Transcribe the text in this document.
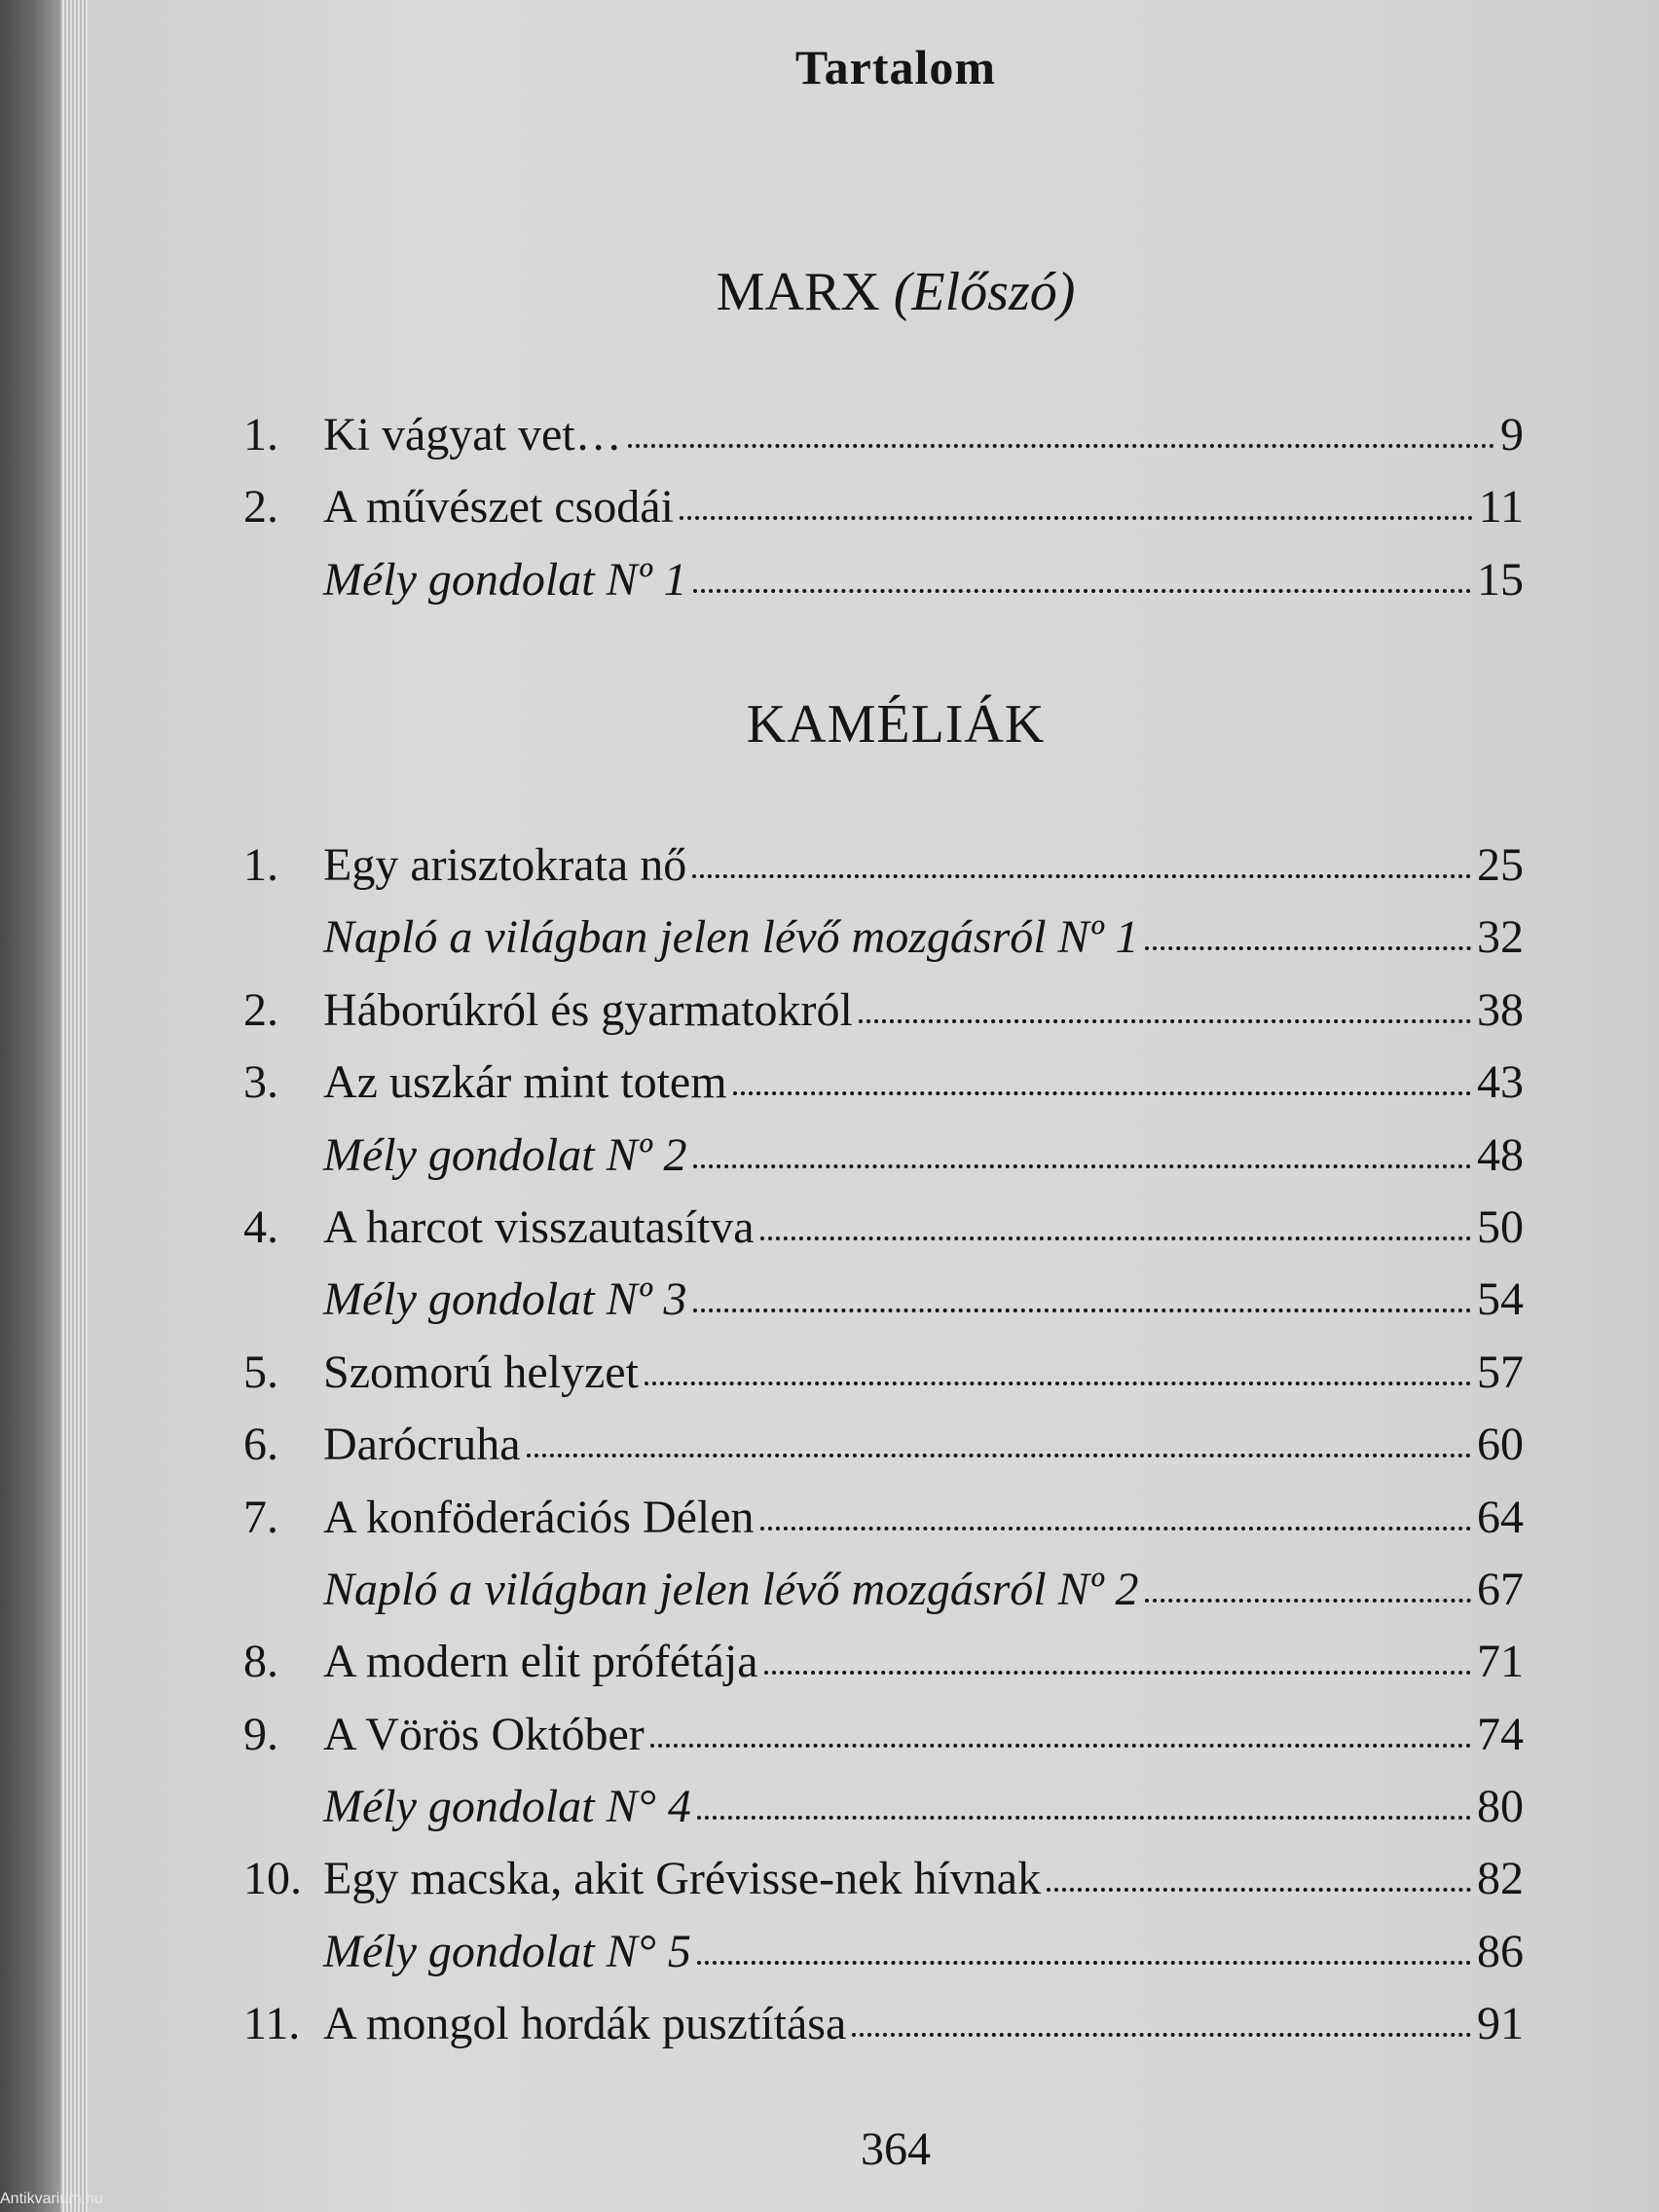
Tartalom
MARX (Előszó)
1. Ki vágyat vet…	9
2. A művészet csodái	11
Mély gondolat Nº 1	15
KAMÉLIÁK
1. Egy arisztokrata nő	25
Napló a világban jelen lévő mozgásról Nº 1	32
2. Háborúkról és gyarmatokról	38
3. Az uszkár mint totem	43
Mély gondolat Nº 2	48
4. A harcot visszautasítva	50
Mély gondolat Nº 3	54
5. Szomorú helyzet	57
6. Darócruha	60
7. A konföderációs Délen	64
Napló a világban jelen lévő mozgásról Nº 2	67
8. A modern elit prófétája	71
9. A Vörös Október	74
Mély gondolat N° 4	80
10. Egy macska, akit Grévisse-nek hívnak	82
Mély gondolat N° 5	86
11. A mongol hordák pusztítása	91
364
Antikvarium.hu
